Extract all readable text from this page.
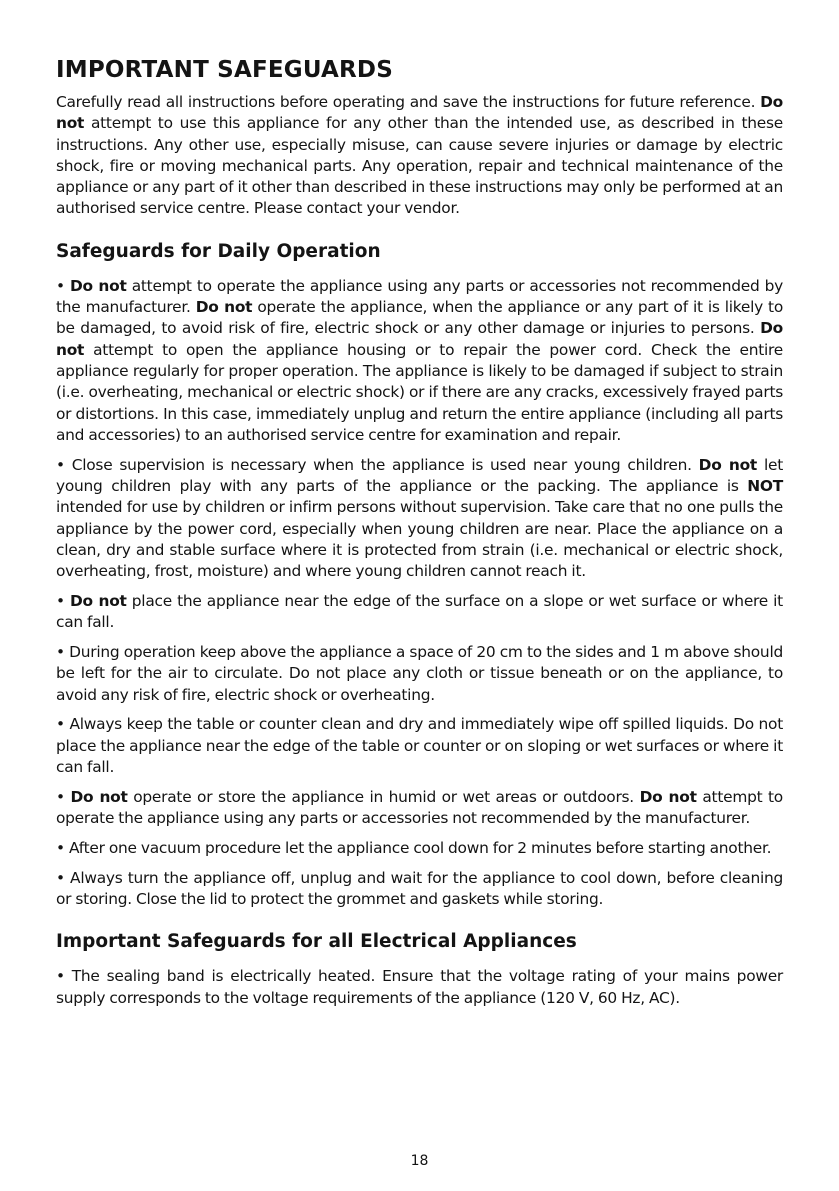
IMPORTANT SAFEGUARDS

Carefully read all instructions before operating and save the instructions for future reference. Do not attempt to use this appliance for any other than the intended use, as described in these instructions. Any other use, especially misuse, can cause severe injuries or damage by electric shock, fire or moving mechanical parts. Any operation, repair and technical maintenance of the appliance or any part of it other than described in these instructions may only be performed at an authorised service centre. Please contact your vendor.

Safeguards for Daily Operation

• Do not attempt to operate the appliance using any parts or accessories not recommended by the manufacturer. Do not operate the appliance, when the appliance or any part of it is likely to be damaged, to avoid risk of fire, electric shock or any other damage or injuries to persons. Do not attempt to open the appliance housing or to repair the power cord. Check the entire appliance regularly for proper operation. The appliance is likely to be damaged if subject to strain (i.e. overheating, mechanical or electric shock) or if there are any cracks, excessively frayed parts or distortions. In this case, immediately unplug and return the entire appliance (including all parts and accessories) to an authorised service centre for examination and repair.

• Close supervision is necessary when the appliance is used near young children. Do not let young children play with any parts of the appliance or the packing. The appliance is NOT intended for use by children or infirm persons without supervision. Take care that no one pulls the appliance by the power cord, especially when young children are near. Place the appliance on a clean, dry and stable surface where it is protected from strain (i.e. mechanical or electric shock, overheating, frost, moisture) and where young children cannot reach it.

• Do not place the appliance near the edge of the surface on a slope or wet surface or where it can fall.

• During operation keep above the appliance a space of 20 cm to the sides and 1 m above should be left for the air to circulate. Do not place any cloth or tissue beneath or on the appliance, to avoid any risk of fire, electric shock or overheating.

• Always keep the table or counter clean and dry and immediately wipe off spilled liquids. Do not place the appliance near the edge of the table or counter or on sloping or wet surfaces or where it can fall.

• Do not operate or store the appliance in humid or wet areas or outdoors. Do not attempt to operate the appliance using any parts or accessories not recommended by the manufacturer.

• After one vacuum procedure let the appliance cool down for 2 minutes before starting another.

• Always turn the appliance off, unplug and wait for the appliance to cool down, before cleaning or storing. Close the lid to protect the grommet and gaskets while storing.

Important Safeguards for all Electrical Appliances

• The sealing band is electrically heated. Ensure that the voltage rating of your mains power supply corresponds to the voltage requirements of the appliance (120 V, 60 Hz, AC).

18
